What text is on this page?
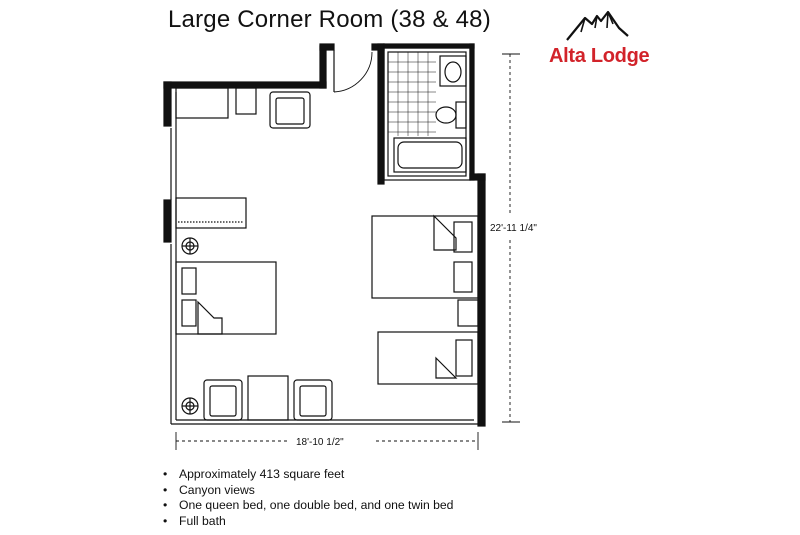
Large Corner Room (38 & 48)
Alta Lodge
22'-11 1/4"
18'-10 1/2"
• Approximately 413 square feet
• Canyon views
• One queen bed, one double bed, and one twin bed
• Full bath
